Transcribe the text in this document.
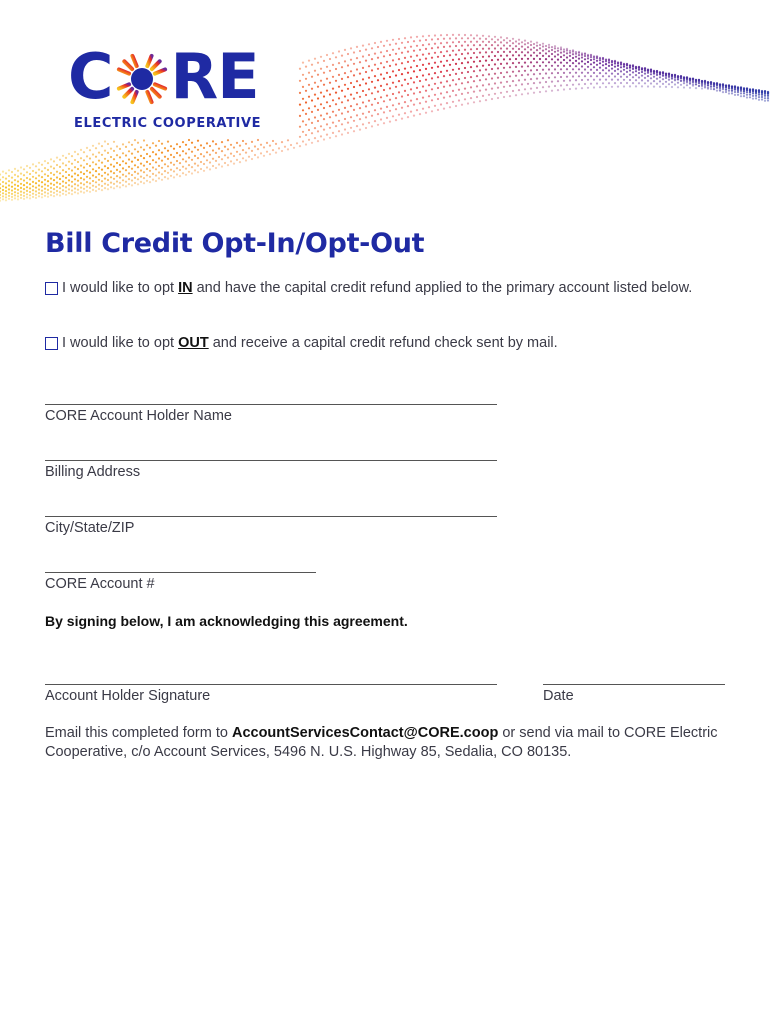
C RE
ELECTRIC COOPERATIVE
Bill Credit Opt-In/Opt-Out
I would like to opt IN and have the capital credit refund applied to the primary account listed below.
I would like to opt OUT and receive a capital credit refund check sent by mail.
CORE Account Holder Name
Billing Address
City/State/ZIP
CORE Account #
By signing below, I am acknowledging this agreement.
Account Holder Signature	Date
Email this completed form to AccountServicesContact@CORE.coop or send via mail to CORE Electric Cooperative, c/o Account Services, 5496 N. U.S. Highway 85, Sedalia, CO 80135.
